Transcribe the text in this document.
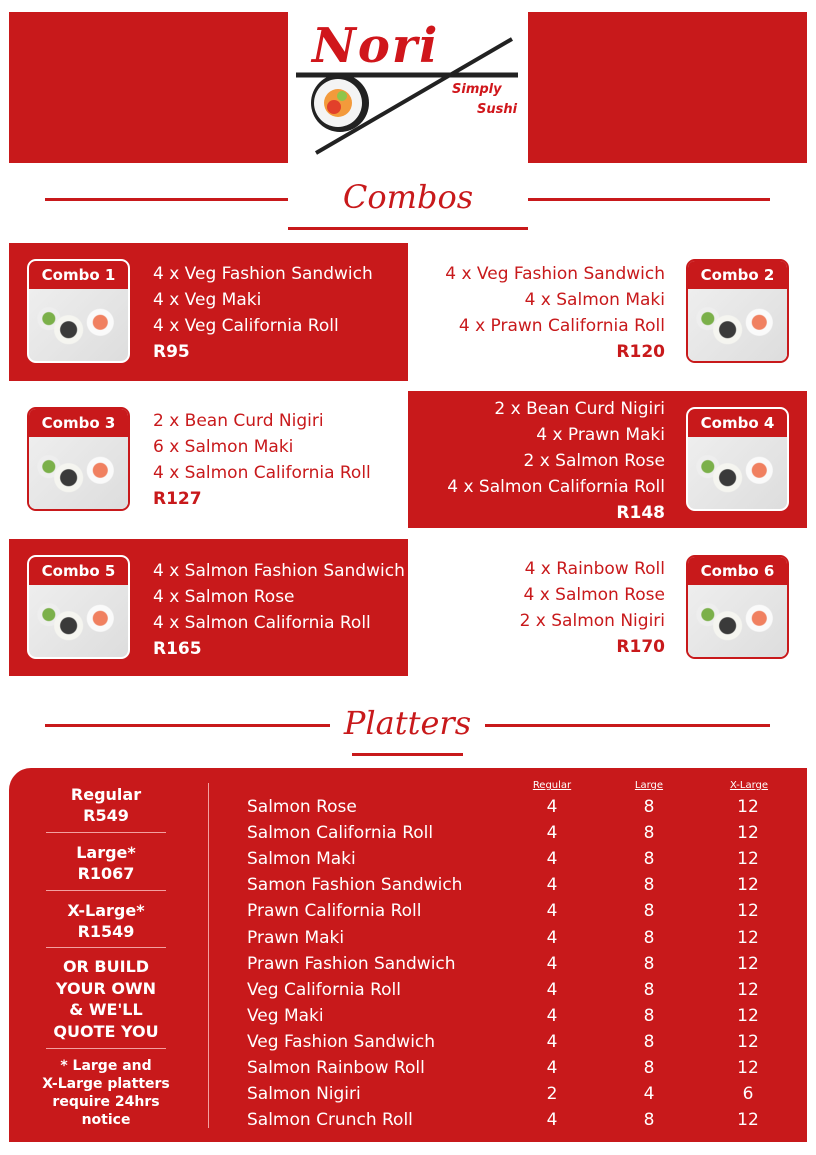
Nori
Simply
Sushi
Combos
Combo 1	4 x Veg Fashion Sandwich
4 x Veg Maki
4 x Veg California Roll
R95
Combo 2
4 x Veg Fashion Sandwich
4 x Salmon Maki
4 x Prawn California Roll
R120
Combo 3	2 x Bean Curd Nigiri
6 x Salmon Maki
4 x Salmon California Roll
R127
Combo 4
2 x Bean Curd Nigiri
4 x Prawn Maki
2 x Salmon Rose
4 x Salmon California Roll
R148
Combo 5	4 x Salmon Fashion Sandwich
4 x Salmon Rose
4 x Salmon California Roll
R165
Combo 6
4 x Rainbow Roll
4 x Salmon Rose
2 x Salmon Nigiri
R170
Platters
Regular
R549
Large*
R1067
X-Large*
R1549
OR BUILD
YOUR OWN
& WE'LL
QUOTE YOU
* Large and
X-Large platters
require 24hrs
notice
Regular	Large	X-Large
Salmon Rose	4	8	12
Salmon California Roll	4	8	12
Salmon Maki	4	8	12
Samon Fashion Sandwich	4	8	12
Prawn California Roll	4	8	12
Prawn Maki	4	8	12
Prawn Fashion Sandwich	4	8	12
Veg California Roll	4	8	12
Veg Maki	4	8	12
Veg Fashion Sandwich	4	8	12
Salmon Rainbow Roll	4	8	12
Salmon Nigiri	2	4	6
Salmon Crunch Roll	4	8	12
